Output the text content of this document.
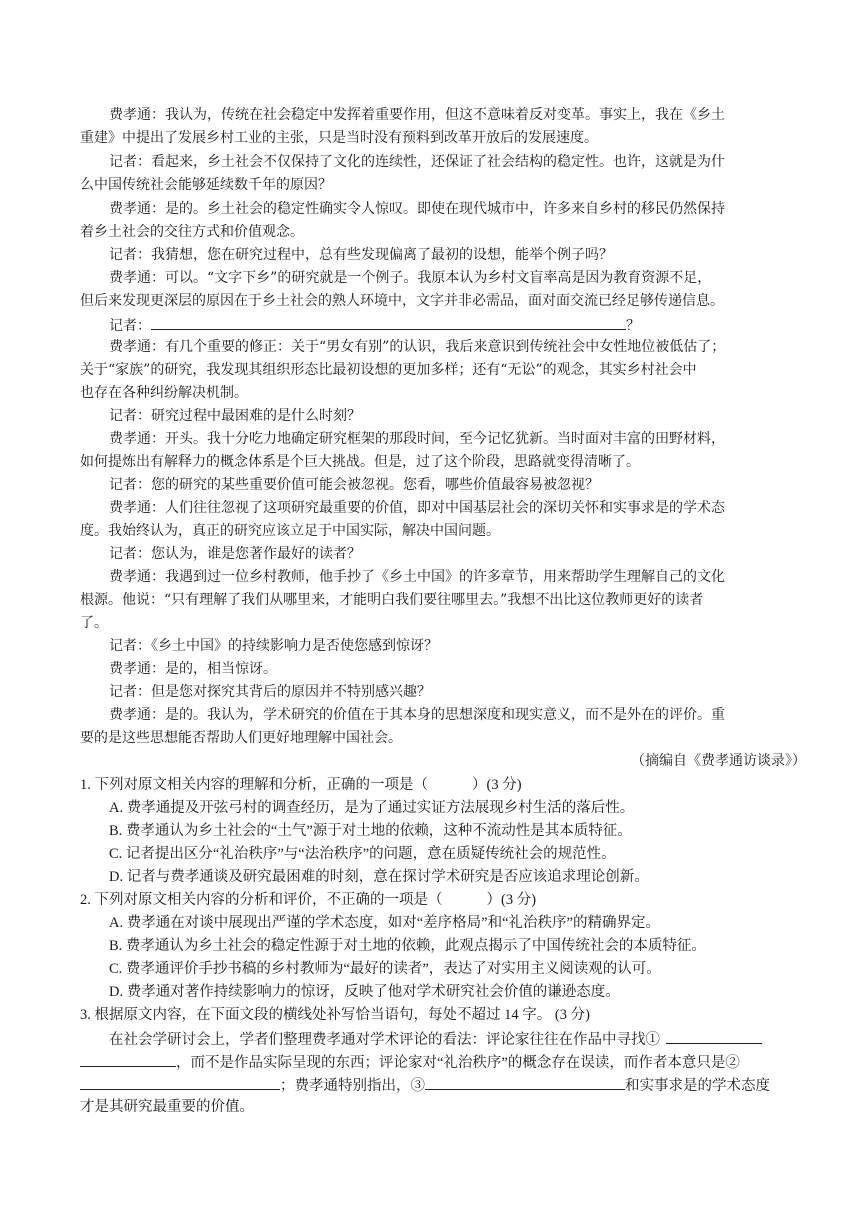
费孝通：我认为，传统在社会稳定中发挥着重要作用，但这不意味着反对变革。事实上，我在《乡土
重建》中提出了发展乡村工业的主张，只是当时没有预料到改革开放后的发展速度。
记者：看起来，乡土社会不仅保持了文化的连续性，还保证了社会结构的稳定性。也许，这就是为什
么中国传统社会能够延续数千年的原因？
费孝通：是的。乡土社会的稳定性确实令人惊叹。即使在现代城市中，许多来自乡村的移民仍然保持
着乡土社会的交往方式和价值观念。
记者：我猜想，您在研究过程中，总有些发现偏离了最初的设想，能举个例子吗？
费孝通：可以。“文字下乡”的研究就是一个例子。我原本认为乡村文盲率高是因为教育资源不足，
但后来发现更深层的原因在于乡土社会的熟人环境中，文字并非必需品，面对面交流已经足够传递信息。
记者：	？
费孝通：有几个重要的修正：关于“男女有别”的认识，我后来意识到传统社会中女性地位被低估了；
关于“家族”的研究，我发现其组织形态比最初设想的更加多样；还有“无讼”的观念，其实乡村社会中
也存在各种纠纷解决机制。
记者：研究过程中最困难的是什么时刻？
费孝通：开头。我十分吃力地确定研究框架的那段时间，至今记忆犹新。当时面对丰富的田野材料，
如何提炼出有解释力的概念体系是个巨大挑战。但是，过了这个阶段，思路就变得清晰了。
记者：您的研究的某些重要价值可能会被忽视。您看，哪些价值最容易被忽视？
费孝通：人们往往忽视了这项研究最重要的价值，即对中国基层社会的深切关怀和实事求是的学术态
度。我始终认为，真正的研究应该立足于中国实际，解决中国问题。
记者：您认为，谁是您著作最好的读者？
费孝通：我遇到过一位乡村教师，他手抄了《乡土中国》的许多章节，用来帮助学生理解自己的文化
根源。他说：“只有理解了我们从哪里来，才能明白我们要往哪里去。”我想不出比这位教师更好的读者
了。
记者：《乡土中国》的持续影响力是否使您感到惊讶？
费孝通：是的，相当惊讶。
记者：但是您对探究其背后的原因并不特别感兴趣？
费孝通：是的。我认为，学术研究的价值在于其本身的思想深度和现实意义，而不是外在的评价。重
要的是这些思想能否帮助人们更好地理解中国社会。
（摘编自《费孝通访谈录》）
1. 下列对原文相关内容的理解和分析，正确的一项是（	）(3 分)
A. 费孝通提及开弦弓村的调查经历，是为了通过实证方法展现乡村生活的落后性。
B. 费孝通认为乡土社会的“土气”源于对土地的依赖，这种不流动性是其本质特征。
C. 记者提出区分“礼治秩序”与“法治秩序”的问题，意在质疑传统社会的规范性。
D. 记者与费孝通谈及研究最困难的时刻，意在探讨学术研究是否应该追求理论创新。
2. 下列对原文相关内容的分析和评价，不正确的一项是（	）(3 分)
A. 费孝通在对谈中展现出严谨的学术态度，如对“差序格局”和“礼治秩序”的精确界定。
B. 费孝通认为乡土社会的稳定性源于对土地的依赖，此观点揭示了中国传统社会的本质特征。
C. 费孝通评价手抄书稿的乡村教师为“最好的读者”，表达了对实用主义阅读观的认可。
D. 费孝通对著作持续影响力的惊讶，反映了他对学术研究社会价值的谦逊态度。
3. 根据原文内容，在下面文段的横线处补写恰当语句，每处不超过 14 字。 (3 分)
在社会学研讨会上，学者们整理费孝通对学术评论的看法：评论家往往在作品中寻找①
，而不是作品实际呈现的东西；评论家对“礼治秩序”的概念存在误读，而作者本意只是②
；费孝通特别指出，③	和实事求是的学术态度
才是其研究最重要的价值。
